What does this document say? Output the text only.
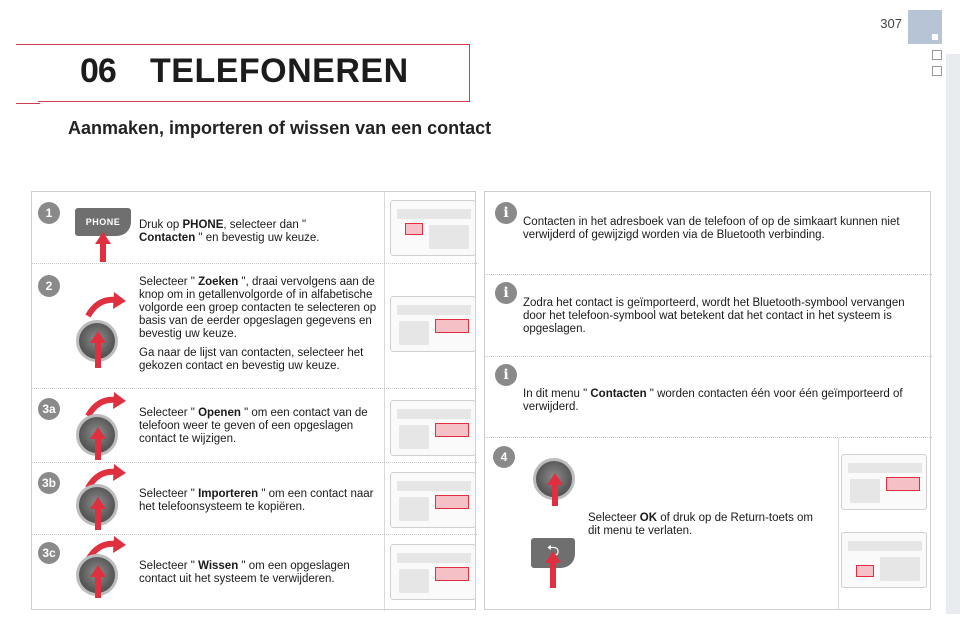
307
06 TELEFONEREN
Aanmaken, importeren of wissen van een contact
1
PHONE	Druk op PHONE, selecteer dan " Contacten " en bevestig uw keuze.
2	Selecteer " Zoeken ", draai vervolgens aan de knop om in getallenvolgorde of in alfabetische volgorde een groep contacten te selecteren op basis van de eerder opgeslagen gegevens en bevestig uw keuze.

Ga naar de lijst van contacten, selecteer het gekozen contact en bevestig uw keuze.

3a	Selecteer " Openen " om een contact van de telefoon weer te geven of een opgeslagen contact te wijzigen.
3b
Selecteer " Importeren " om een contact naar het telefoonsysteem te kopiëren.
3c
Selecteer " Wissen " om een opgeslagen contact uit het systeem te verwijderen.
i
Contacten in het adresboek van de telefoon of op de simkaart kunnen niet verwijderd of gewijzigd worden via de Bluetooth verbinding.
i
Zodra het contact is geïmporteerd, wordt het Bluetooth-symbool vervangen door het telefoon-symbool wat betekent dat het contact in het systeem is opgeslagen.
i
In dit menu " Contacten " worden contacten één voor één geïmporteerd of verwijderd.
4
⮌
Selecteer OK of druk op de Return-toets om dit menu te verlaten.
